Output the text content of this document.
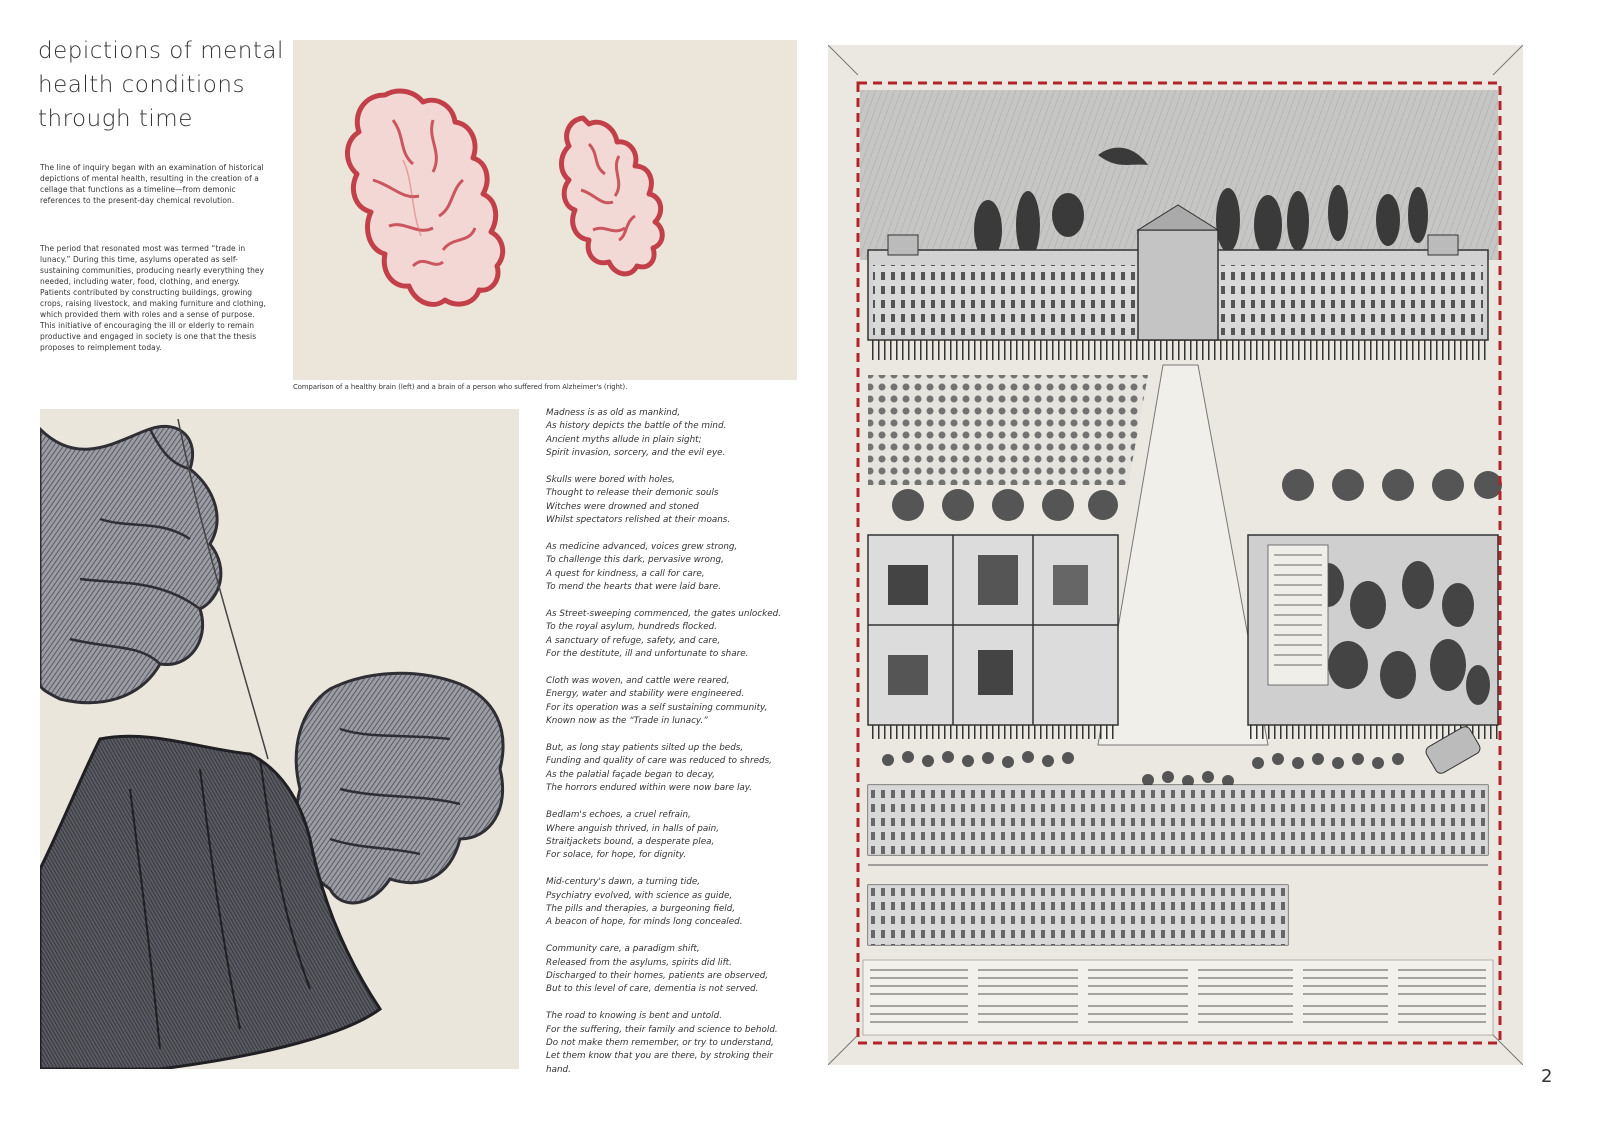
depictions of mental
health conditions
through time
The line of inquiry began with an examination of historical depictions of mental health, resulting in the creation of a cellage that functions as a timeline—from demonic references to the present-day chemical revolution.
The period that resonated most was termed “trade in lunacy.” During this time, asylums operated as self-sustaining communities, producing nearly everything they needed, including water, food, clothing, and energy. Patients contributed by constructing buildings, growing crops, raising livestock, and making furniture and clothing, which provided them with roles and a sense of purpose. This initiative of encouraging the ill or elderly to remain productive and engaged in society is one that the thesis proposes to reimplement today.
Comparison of a healthy brain (left) and a brain of a person who suffered from Alzheimer's (right).
Madness is as old as mankind,
As history depicts the battle of the mind.
Ancient myths allude in plain sight;
Spirit invasion, sorcery, and the evil eye.
Skulls were bored with holes,
Thought to release their demonic souls
Witches were drowned and stoned
Whilst spectators relished at their moans.
As medicine advanced, voices grew strong,
To challenge this dark, pervasive wrong,
A quest for kindness, a call for care,
To mend the hearts that were laid bare.
As Street-sweeping commenced, the gates unlocked.
To the royal asylum, hundreds flocked.
A sanctuary of refuge, safety, and care,
For the destitute, ill and unfortunate to share.
Cloth was woven, and cattle were reared,
Energy, water and stability were engineered.
For its operation was a self sustaining community,
Known now as the “Trade in lunacy.”
But, as long stay patients silted up the beds,
Funding and quality of care was reduced to shreds,
As the palatial façade began to decay,
The horrors endured within were now bare lay.
Bedlam's echoes, a cruel refrain,
Where anguish thrived, in halls of pain,
Straitjackets bound, a desperate plea,
For solace, for hope, for dignity.
Mid-century's dawn, a turning tide,
Psychiatry evolved, with science as guide,
The pills and therapies, a burgeoning field,
A beacon of hope, for minds long concealed.
Community care, a paradigm shift,
Released from the asylums, spirits did lift.
Discharged to their homes, patients are observed,
But to this level of care, dementia is not served.
The road to knowing is bent and untold.
For the suffering, their family and science to behold.
Do not make them remember, or try to understand,
Let them know that you are there, by stroking their
hand.	2
